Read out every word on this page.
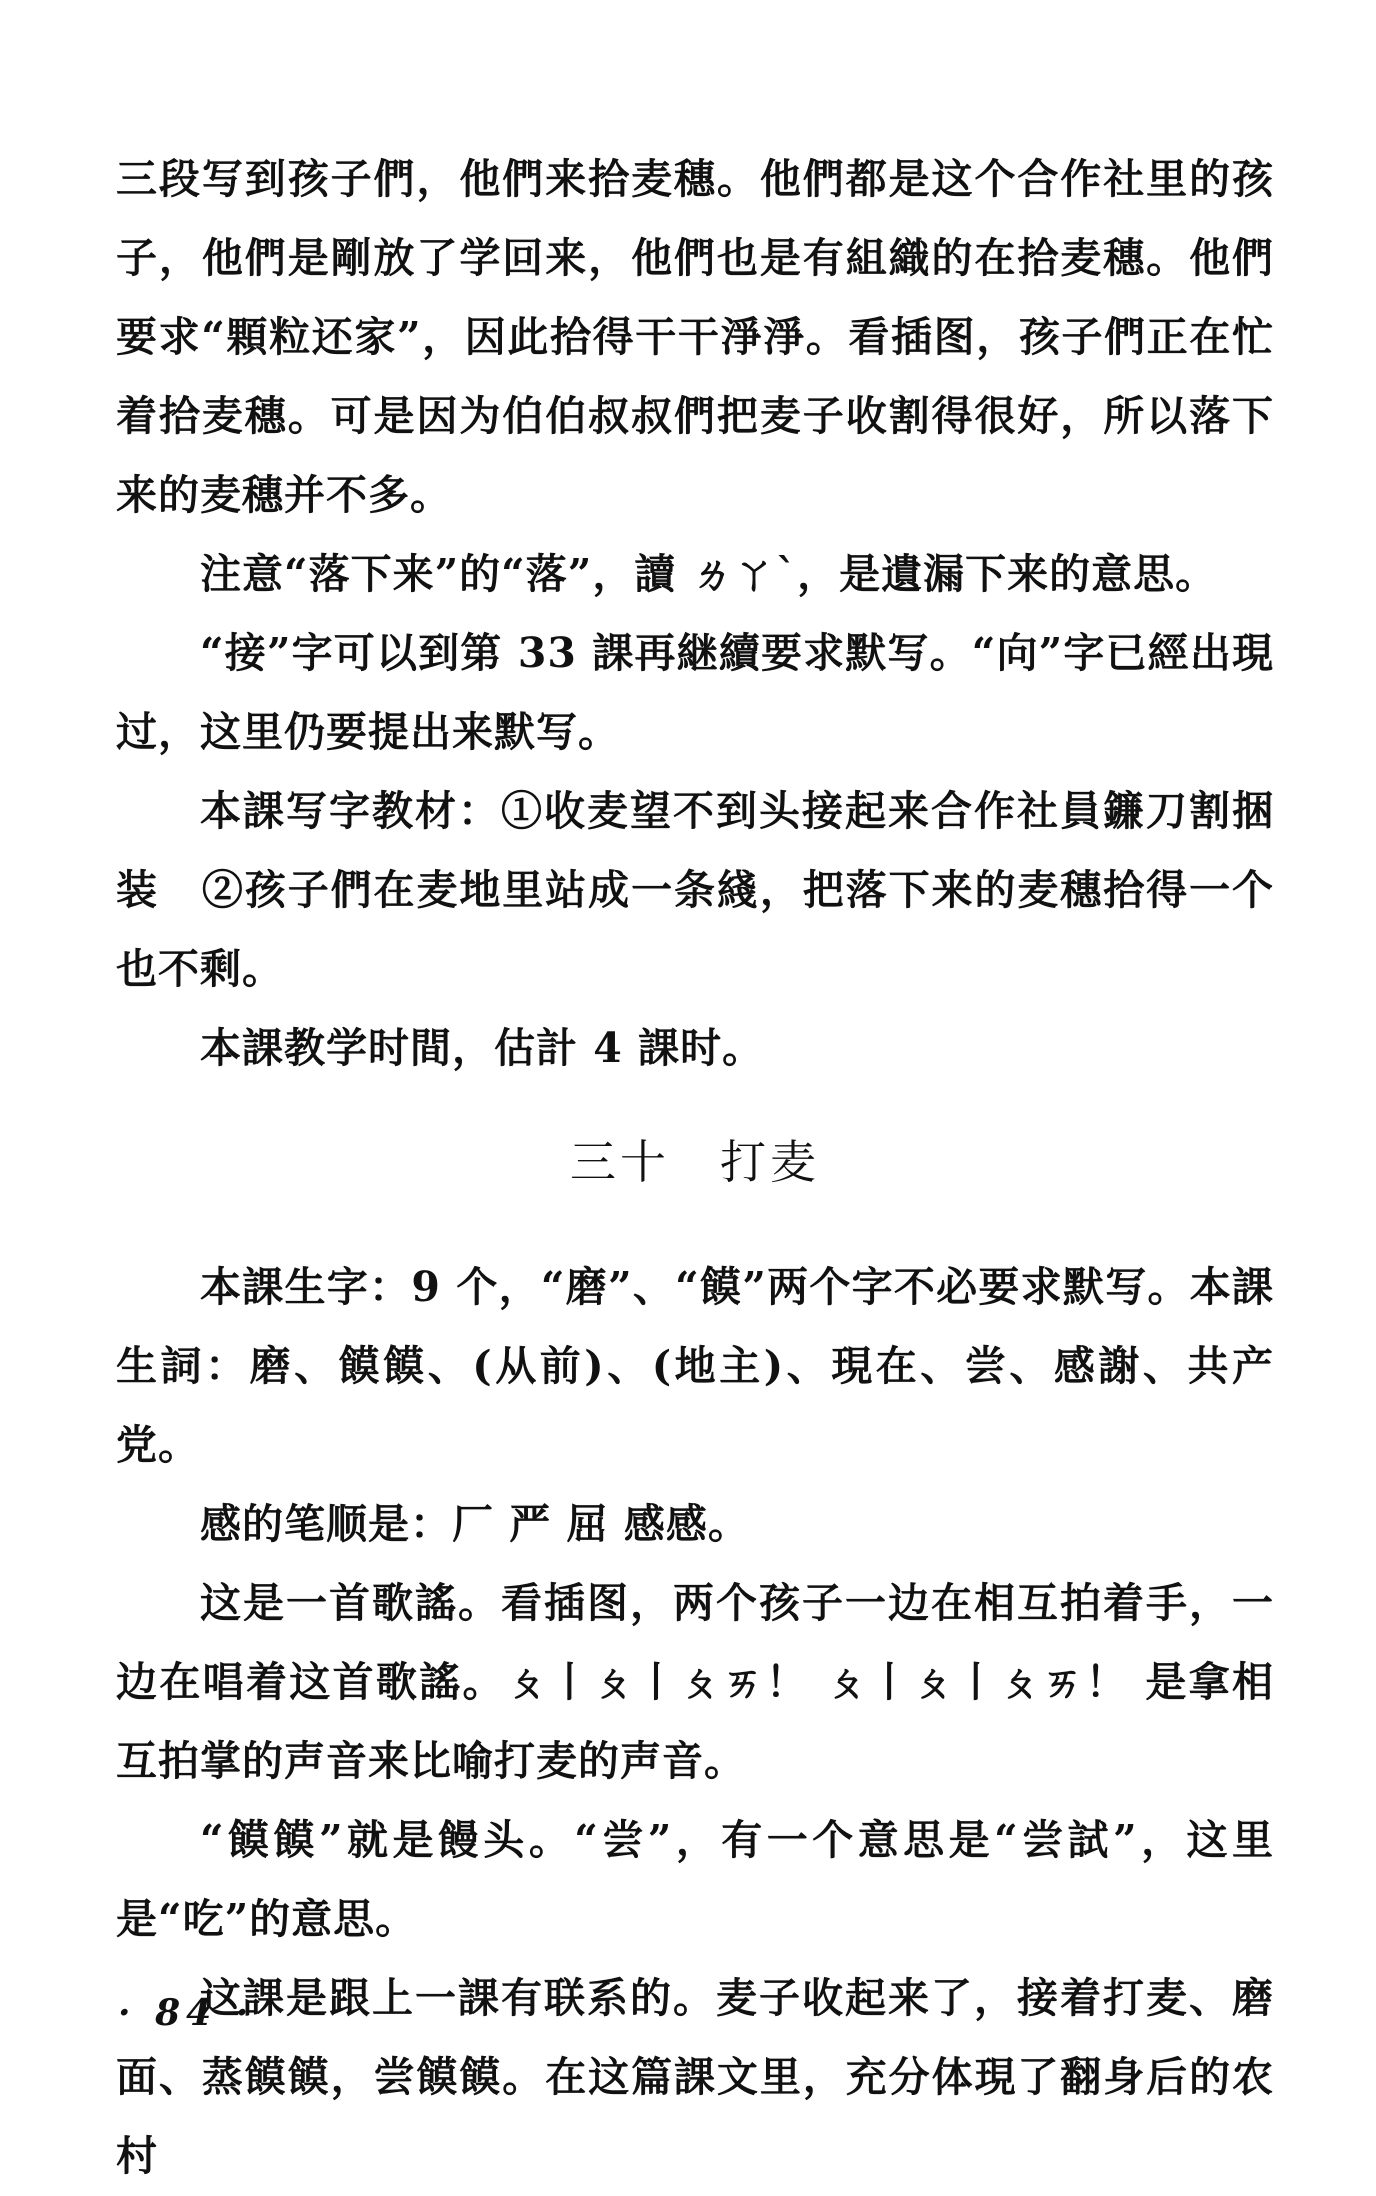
三段写到孩子們，他們来拾麦穗。他們都是这个合作社里的孩子，他們是剛放了学回来，他們也是有組織的在拾麦穗。他們要求“顆粒还家”，因此拾得干干淨淨。看插图，孩子們正在忙着拾麦穗。可是因为伯伯叔叔們把麦子收割得很好，所以落下来的麦穗并不多。

注意“落下来”的“落”，讀 ㄌㄚˋ，是遺漏下来的意思。

“接”字可以到第 33 課再継續要求默写。“向”字已經出現过，这里仍要提出来默写。

本課写字教材：①收麦望不到头接起来合作社員鐮刀割捆装　②孩子們在麦地里站成一条綫，把落下来的麦穗拾得一个也不剩。

本課教学时間，估計 4 課时。

三十　打麦

本課生字：9 个，“磨”、“饃”两个字不必要求默写。本課生詞：磨、饃饃、(从前)、(地主)、現在、尝、感謝、共产党。

感的笔顺是：厂 严 屈 感感。

这是一首歌謠。看插图，两个孩子一边在相互拍着手，一边在唱着这首歌謠。ㄆ丨ㄆ丨ㄆㄞ！ ㄆ丨ㄆ丨ㄆㄞ！ 是拿相互拍掌的声音来比喻打麦的声音。

“饃饃”就是饅头。“尝”，有一个意思是“尝試”，这里是“吃”的意思。

这課是跟上一課有联系的。麦子收起来了，接着打麦、磨面、蒸饃饃，尝饃饃。在这篇課文里，充分体現了翻身后的农村

· 84 ·
